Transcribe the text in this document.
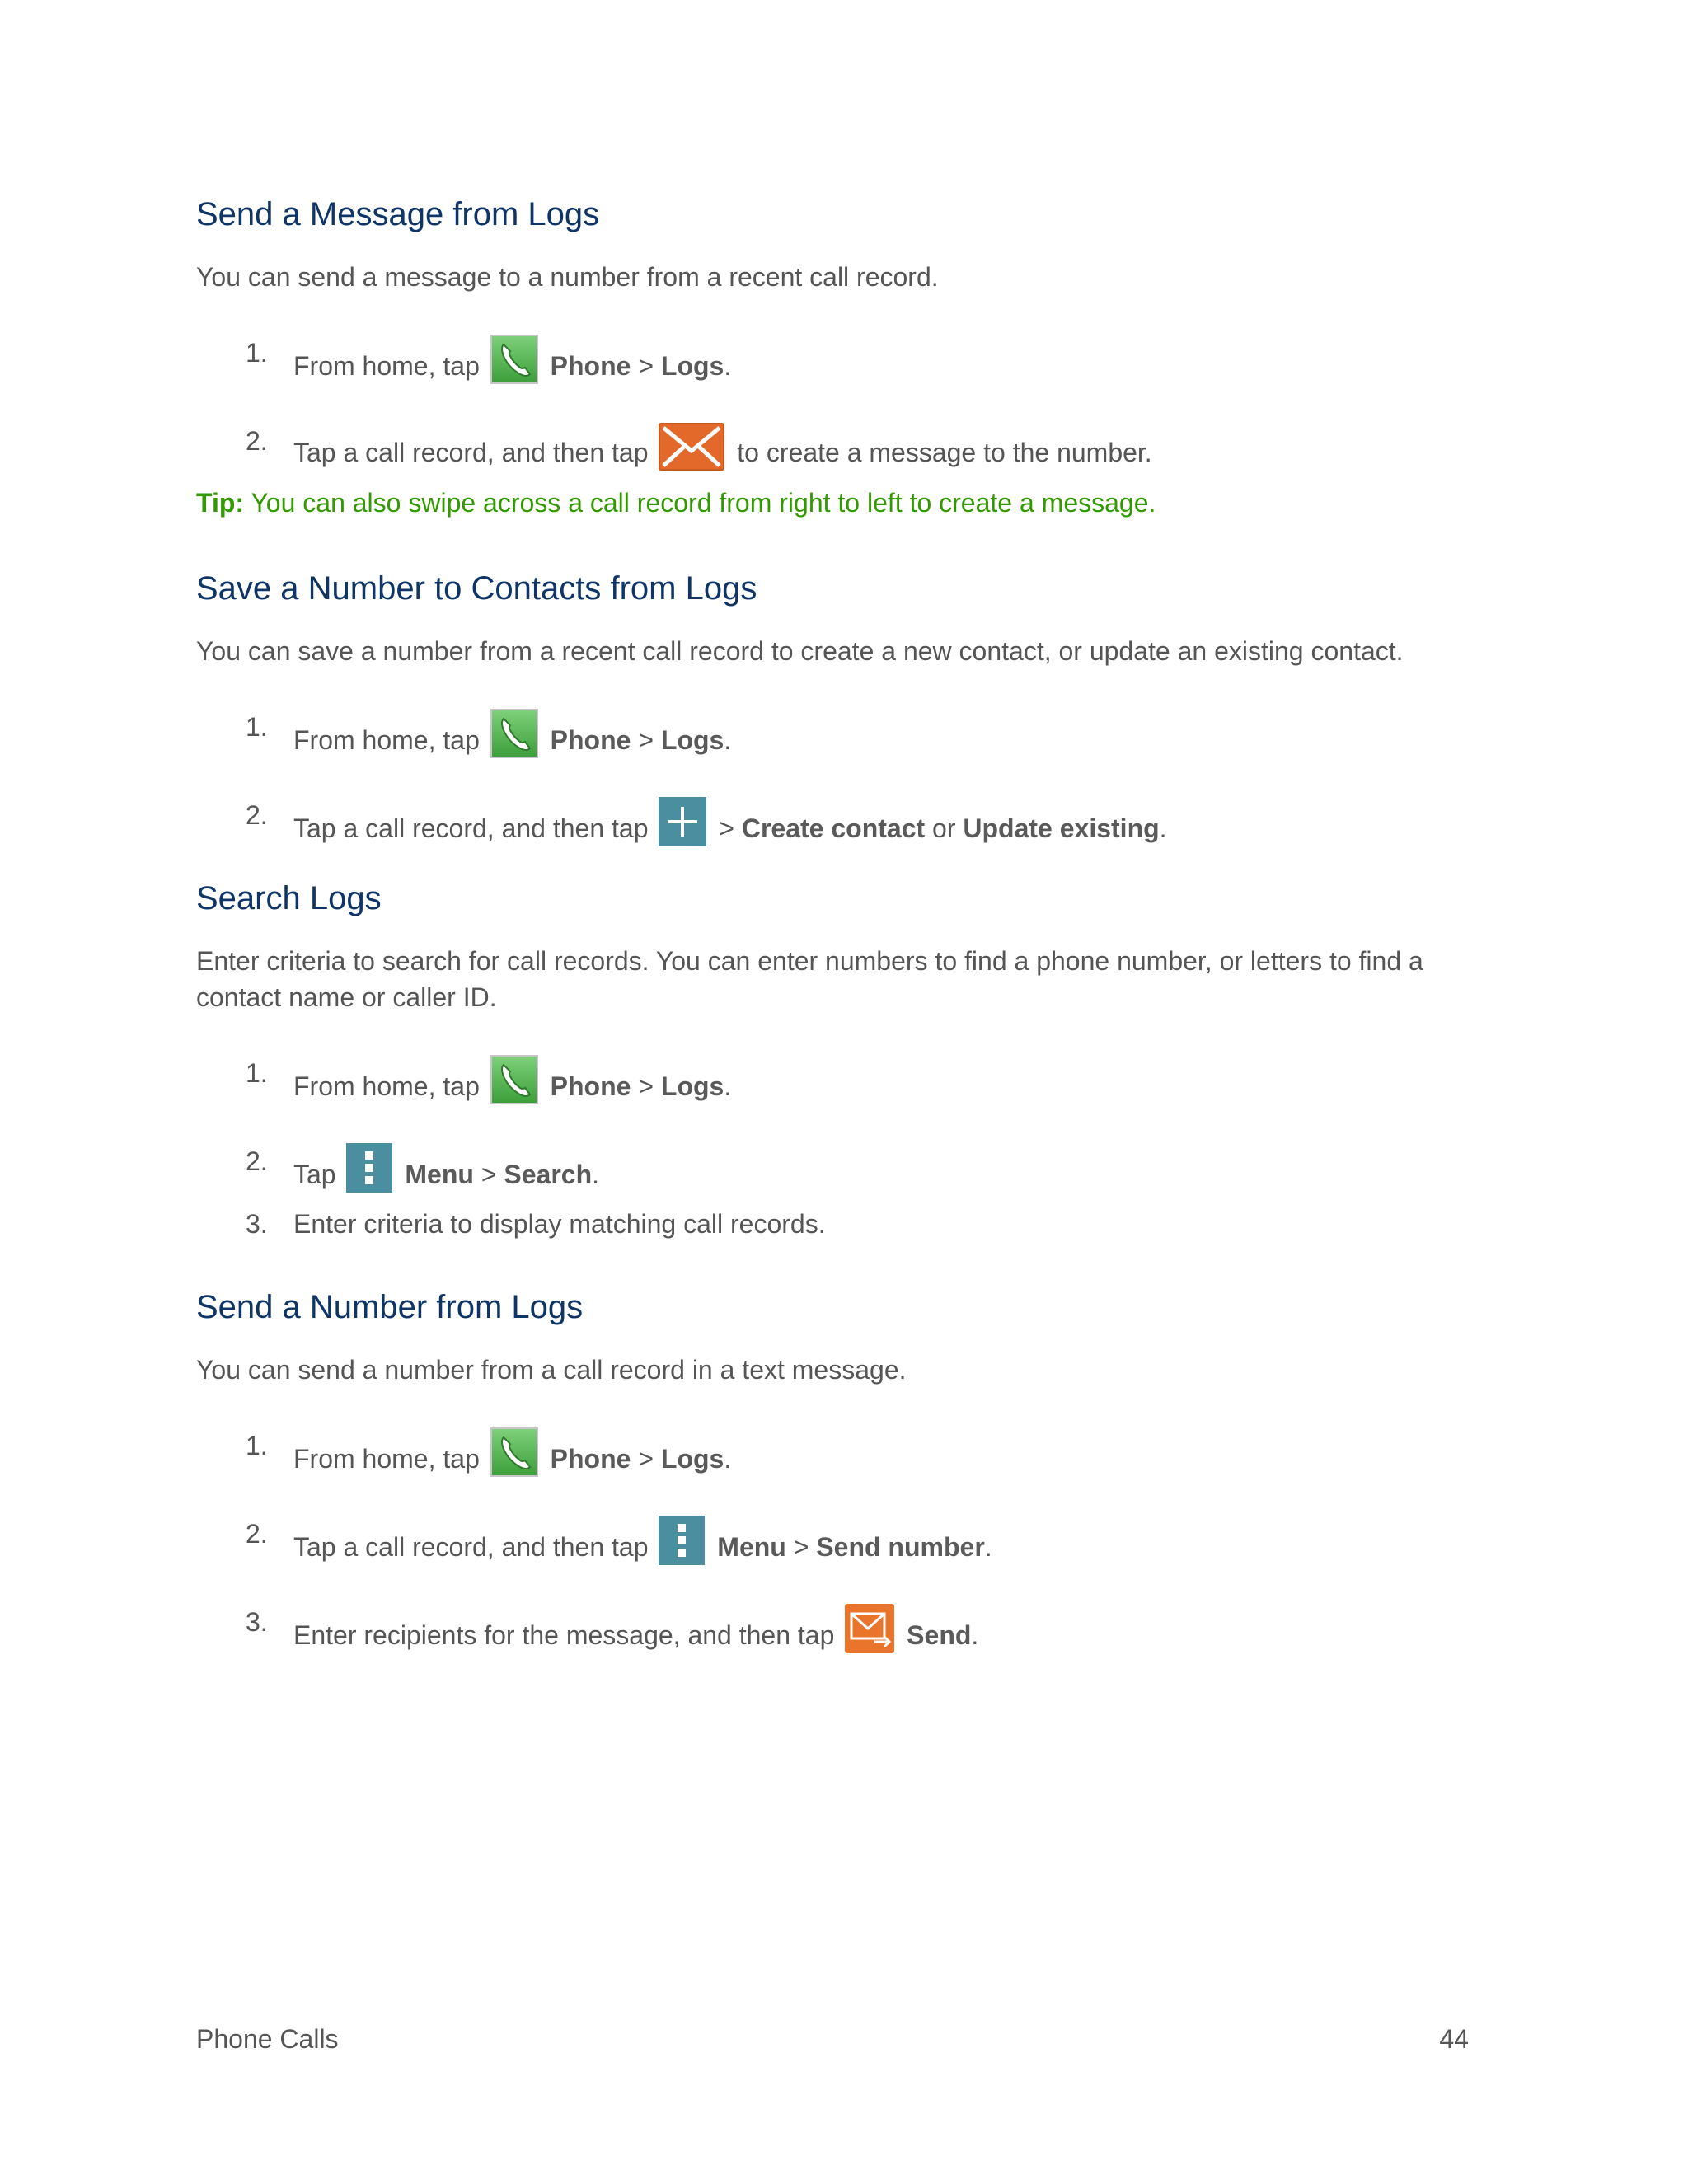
Send a Message from Logs

You can send a message to a number from a recent call record.

1. From home, tap	Phone > Logs.
2. Tap a call record, and then tap	to create a message to the number.

Tip: You can also swipe across a call record from right to left to create a message.

Save a Number to Contacts from Logs

You can save a number from a recent call record to create a new contact, or update an existing contact.

1. From home, tap	Phone > Logs.
2. Tap a call record, and then tap	> Create contact or Update existing.
Search Logs

Enter criteria to search for call records. You can enter numbers to find a phone number, or letters to find a contact name or caller ID.

1. From home, tap	Phone > Logs.
2. Tap	Menu > Search.
3. Enter criteria to display matching call records.
Send a Number from Logs

You can send a number from a call record in a text message.

1. From home, tap	Phone > Logs.
2. Tap a call record, and then tap	Menu > Send number.
3. Enter recipients for the message, and then tap	Send.
Phone Calls	44
